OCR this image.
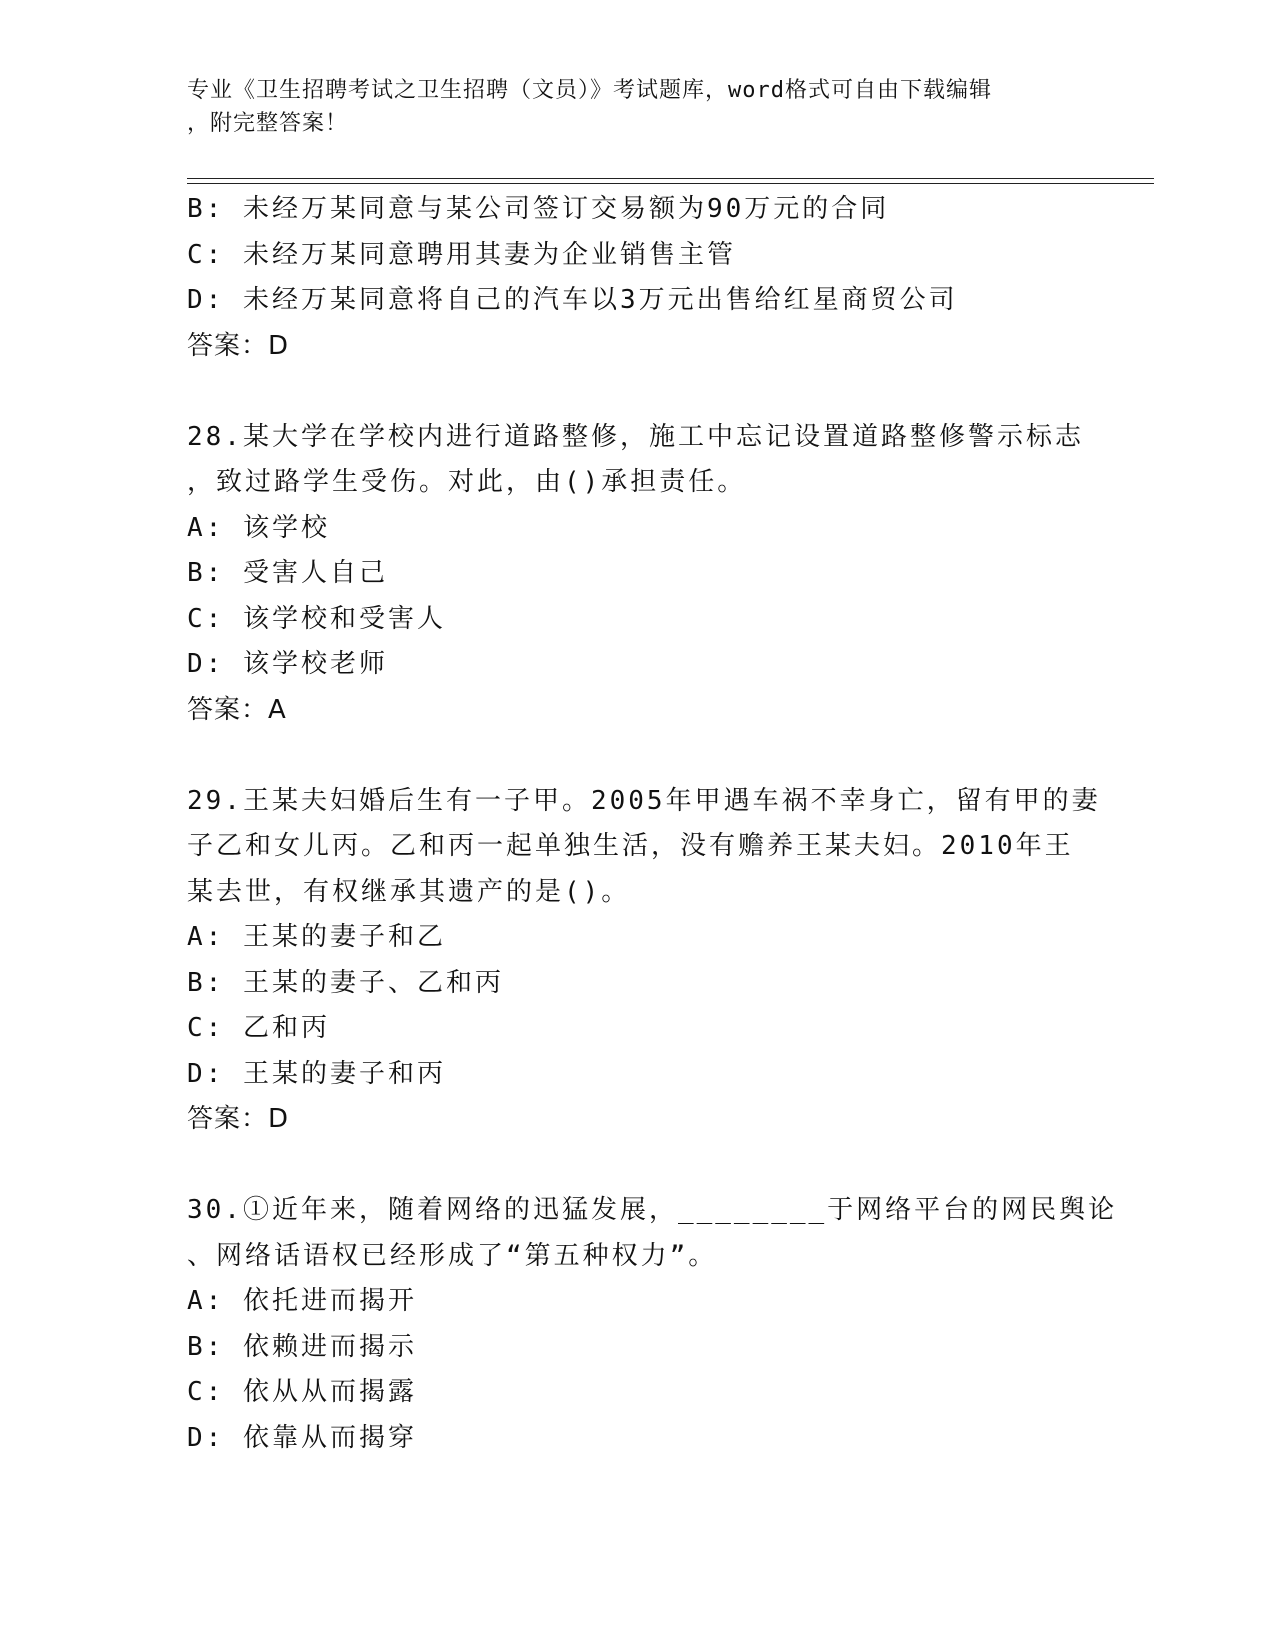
专业《卫生招聘考试之卫生招聘（文员）》考试题库，word格式可自由下载编辑
，附完整答案！
B: 未经万某同意与某公司签订交易额为90万元的合同
C: 未经万某同意聘用其妻为企业销售主管
D: 未经万某同意将自己的汽车以3万元出售给红星商贸公司
答案：D
28.某大学在学校内进行道路整修，施工中忘记设置道路整修警示标志
，致过路学生受伤。对此，由()承担责任。
A: 该学校
B: 受害人自己
C: 该学校和受害人
D: 该学校老师
答案：A
29.王某夫妇婚后生有一子甲。2005年甲遇车祸不幸身亡，留有甲的妻
子乙和女儿丙。乙和丙一起单独生活，没有赡养王某夫妇。2010年王
某去世，有权继承其遗产的是()。
A: 王某的妻子和乙
B: 王某的妻子、乙和丙
C: 乙和丙
D: 王某的妻子和丙
答案：D
30.①近年来，随着网络的迅猛发展，________于网络平台的网民舆论
、网络话语权已经形成了“第五种权力”。
A: 依托进而揭开
B: 依赖进而揭示
C: 依从从而揭露
D: 依靠从而揭穿
